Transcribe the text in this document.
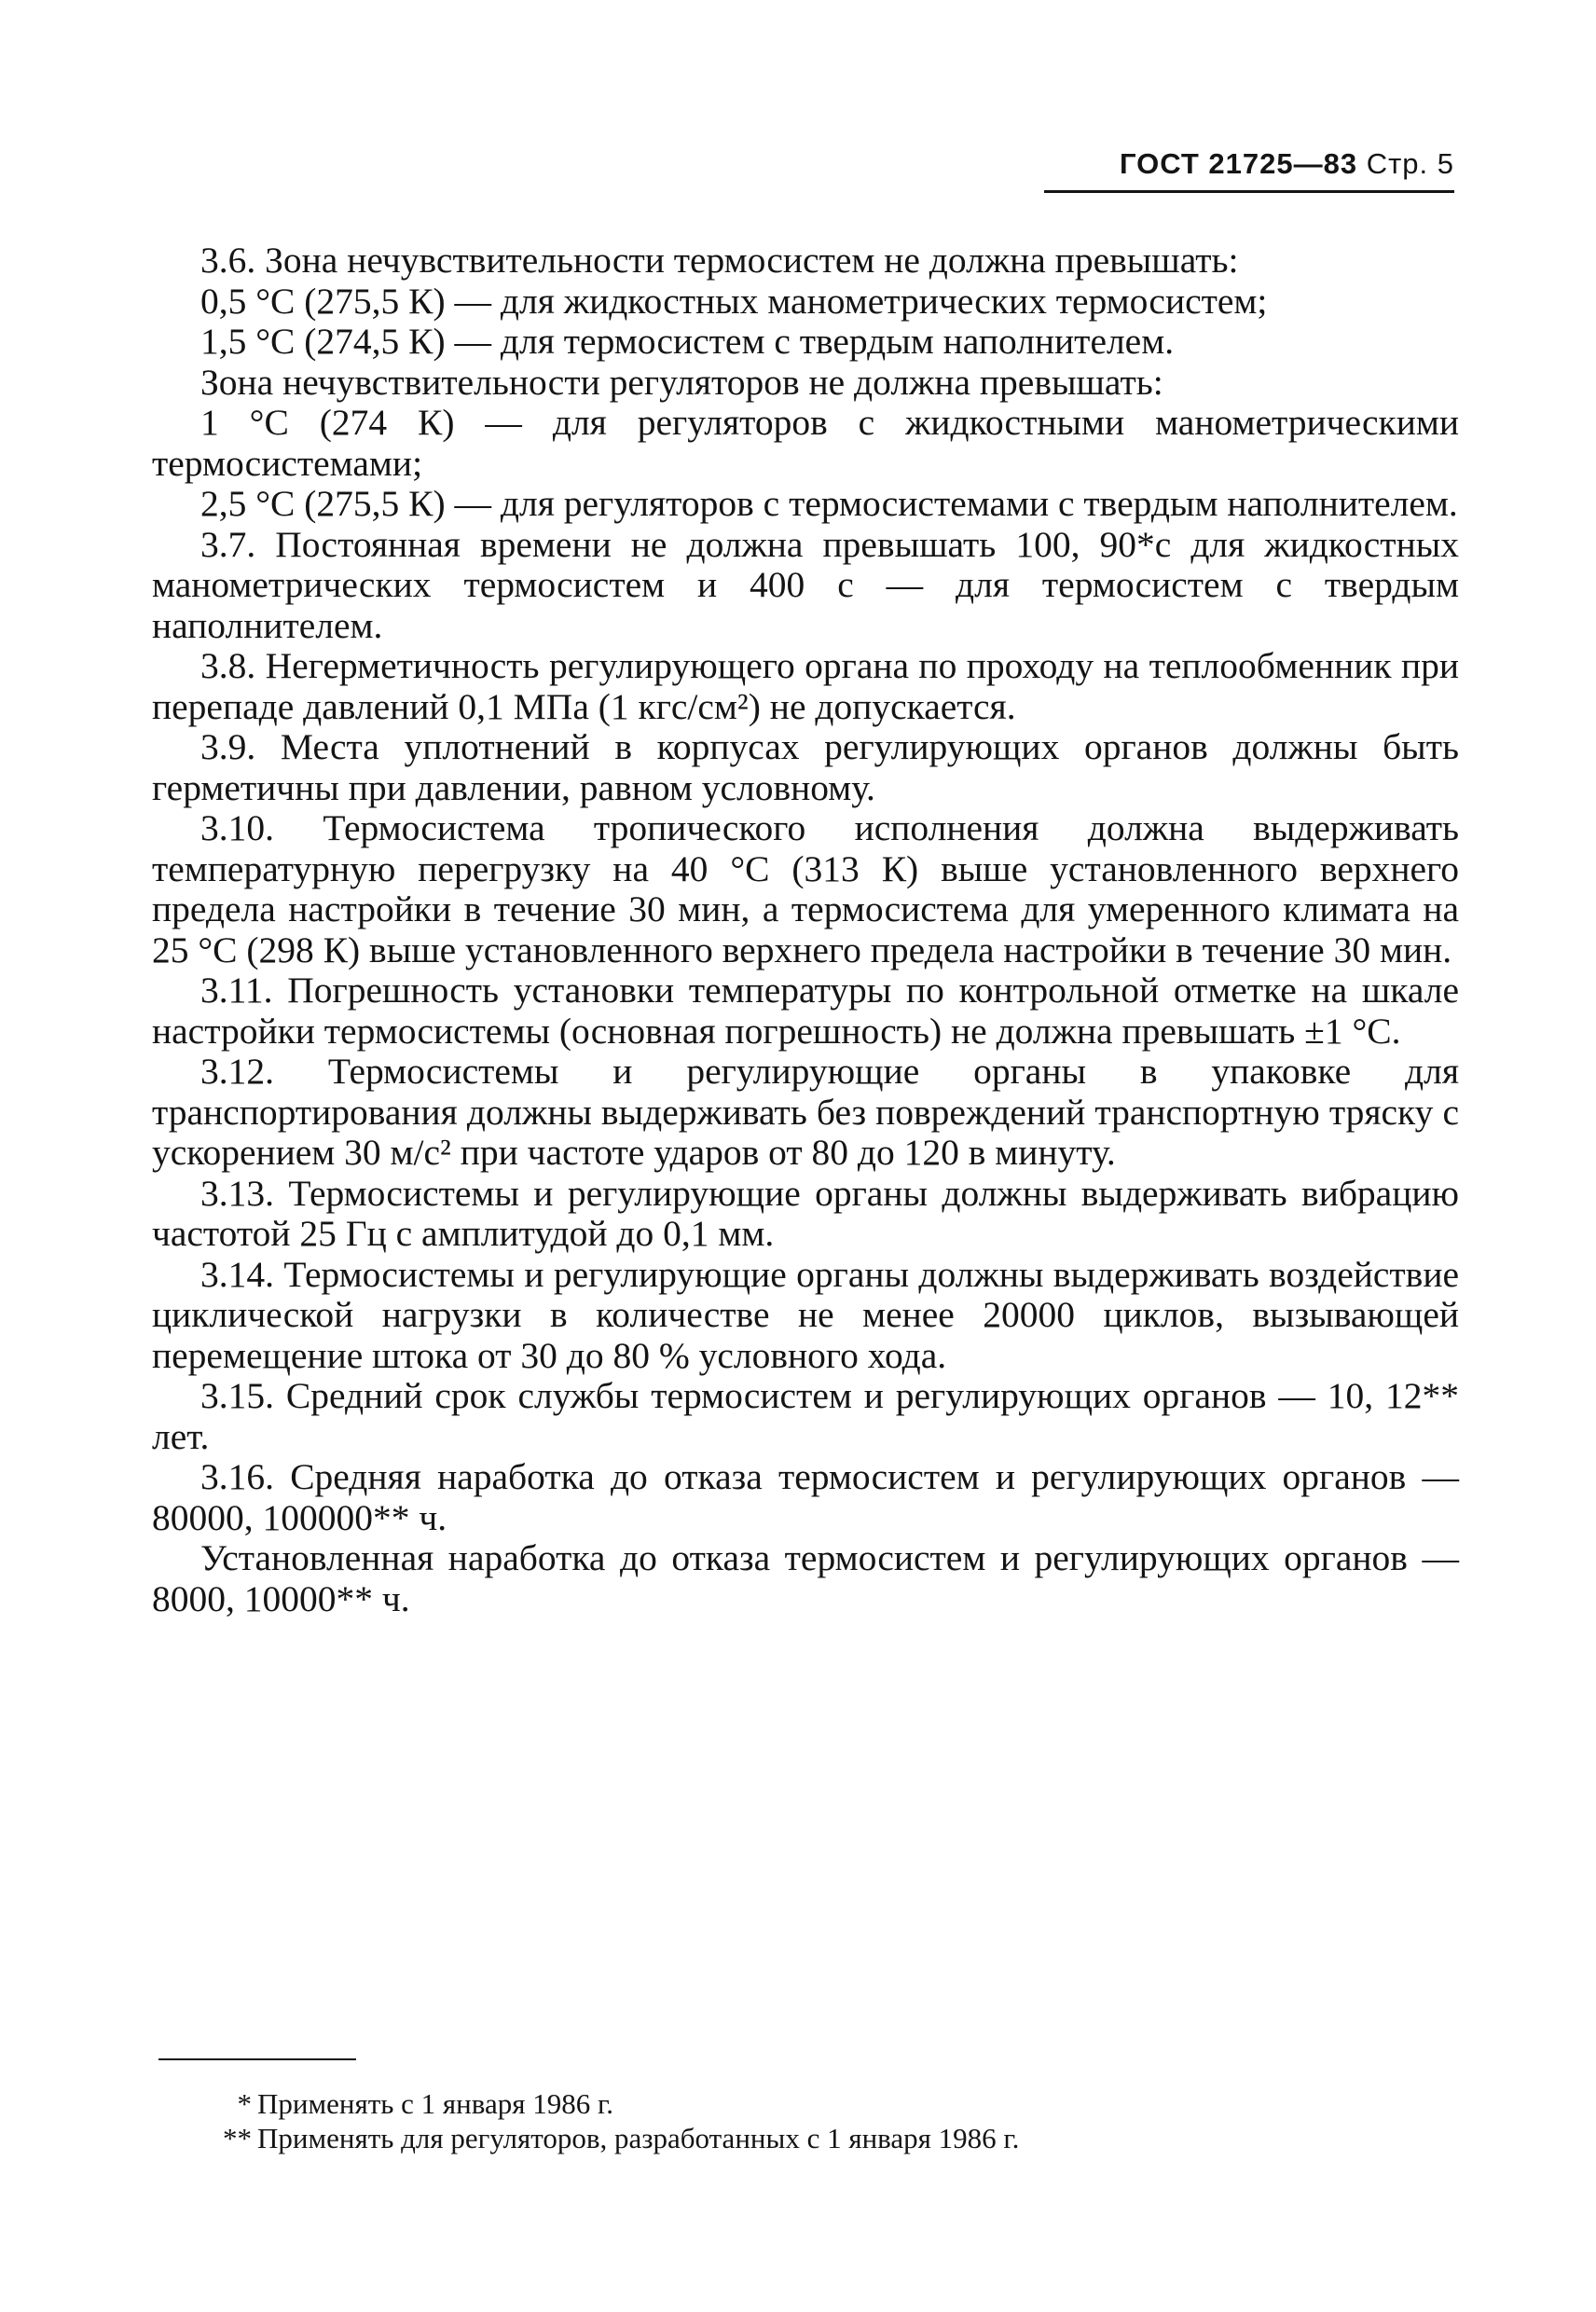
ГОСТ 21725—83 Стр. 5

3.6. Зона нечувствительности термосистем не должна превышать:

0,5 °С (275,5 К) — для жидкостных манометрических термосистем;

1,5 °С (274,5 К) — для термосистем с твердым наполнителем.

Зона нечувствительности регуляторов не должна превышать:

1 °С (274 К) — для регуляторов с жидкостными манометрическими термосистемами;

2,5 °С (275,5 К) — для регуляторов с термосистемами с твердым наполнителем.

3.7. Постоянная времени не должна превышать 100, 90*с для жидкостных манометрических термосистем и 400 с — для термосистем с твердым наполнителем.

3.8. Негерметичность регулирующего органа по проходу на теплообменник при перепаде давлений 0,1 МПа (1 кгс/см²) не допускается.

3.9. Места уплотнений в корпусах регулирующих органов должны быть герметичны при давлении, равном условному.

3.10. Термосистема тропического исполнения должна выдерживать температурную перегрузку на 40 °С (313 К) выше установленного верхнего предела настройки в течение 30 мин, а термосистема для умеренного климата на 25 °С (298 К) выше установленного верхнего предела настройки в течение 30 мин.

3.11. Погрешность установки температуры по контрольной отметке на шкале настройки термосистемы (основная погрешность) не должна превышать ±1 °С.

3.12. Термосистемы и регулирующие органы в упаковке для транспортирования должны выдерживать без повреждений транспортную тряску с ускорением 30 м/с² при частоте ударов от 80 до 120 в минуту.

3.13. Термосистемы и регулирующие органы должны выдерживать вибрацию частотой 25 Гц с амплитудой до 0,1 мм.

3.14. Термосистемы и регулирующие органы должны выдерживать воздействие циклической нагрузки в количестве не менее 20000 циклов, вызывающей перемещение штока от 30 до 80 % условного хода.

3.15. Средний срок службы термосистем и регулирующих органов — 10, 12** лет.

3.16. Средняя наработка до отказа термосистем и регулирующих органов — 80000, 100000** ч.

Установленная наработка до отказа термосистем и регулирующих органов — 8000, 10000** ч.

* Применять с 1 января 1986 г.

** Применять для регуляторов, разработанных с 1 января 1986 г.
